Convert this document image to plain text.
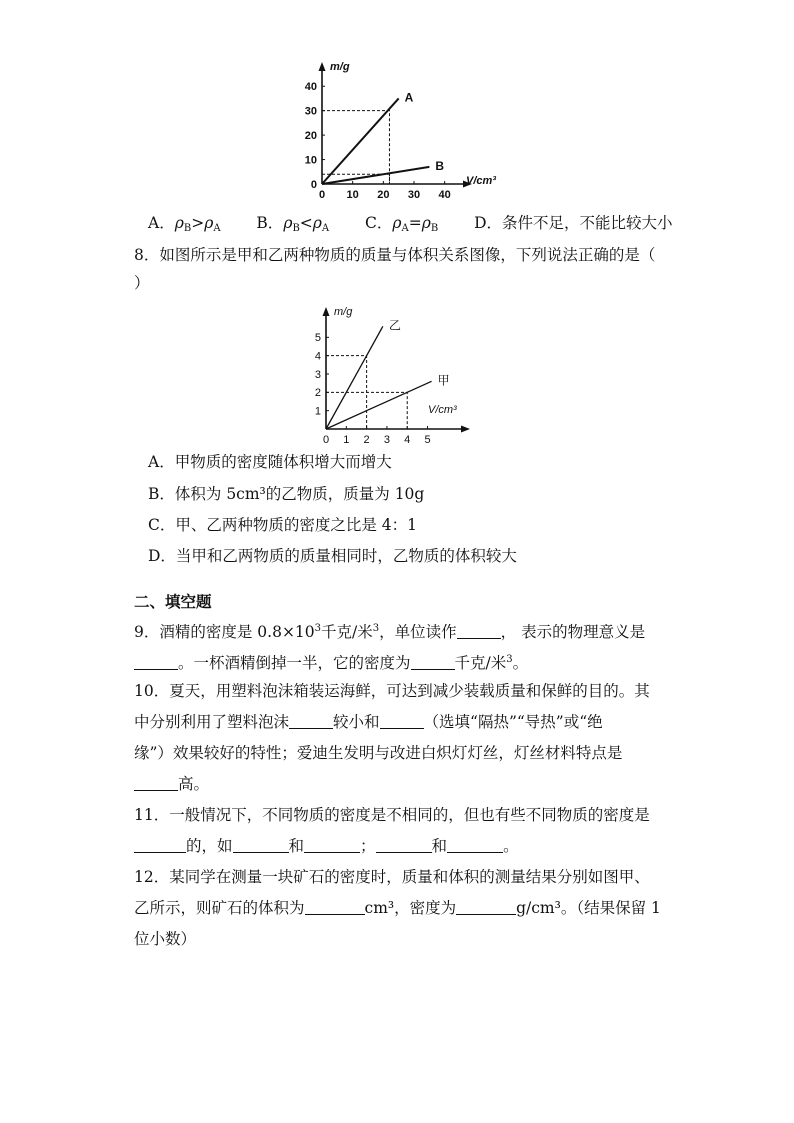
0 10 20 30 40
0
10
20
30
40
A
B
m/g
V/cm³
A．$\rho_B>\rho_A$ B．$\rho_B<\rho_A$ C．$\rho_A=\rho_B$ D．条件不足，不能比较大小
8．如图所示是甲和乙两种物质的质量与体积关系图像，下列说法正确的是（
）
0 1 2 3 4 5
1
2
3
4
5
乙
甲
m/g
V/cm³
A．甲物质的密度随体积增大而增大
B．体积为 5cm³的乙物质，质量为 10g
C．甲、乙两种物质的密度之比是 4：1
D．当甲和乙两物质的质量相同时，乙物质的体积较大
二、填空题
9．酒精的密度是 $0.8\times 10^3$千克/米$^3$，单位读作	， 表示的物理意义是
。一杯酒精倒掉一半，它的密度为	千克/米$^3$。
10．夏天，用塑料泡沫箱装运海鲜，可达到减少装载质量和保鲜的目的。其
中分别利用了塑料泡沫	较小和	（选填“隔热”“导热”或“绝
缘”）效果较好的特性；爱迪生发明与改进白炽灯灯丝，灯丝材料特点是
高。
11．一般情况下，不同物质的密度是不相同的，但也有些不同物质的密度是
的，如	和	；	和	。
12．某同学在测量一块矿石的密度时，质量和体积的测量结果分别如图甲、
乙所示，则矿石的体积为	cm³，密度为	g/cm³。（结果保留 1
位小数）
